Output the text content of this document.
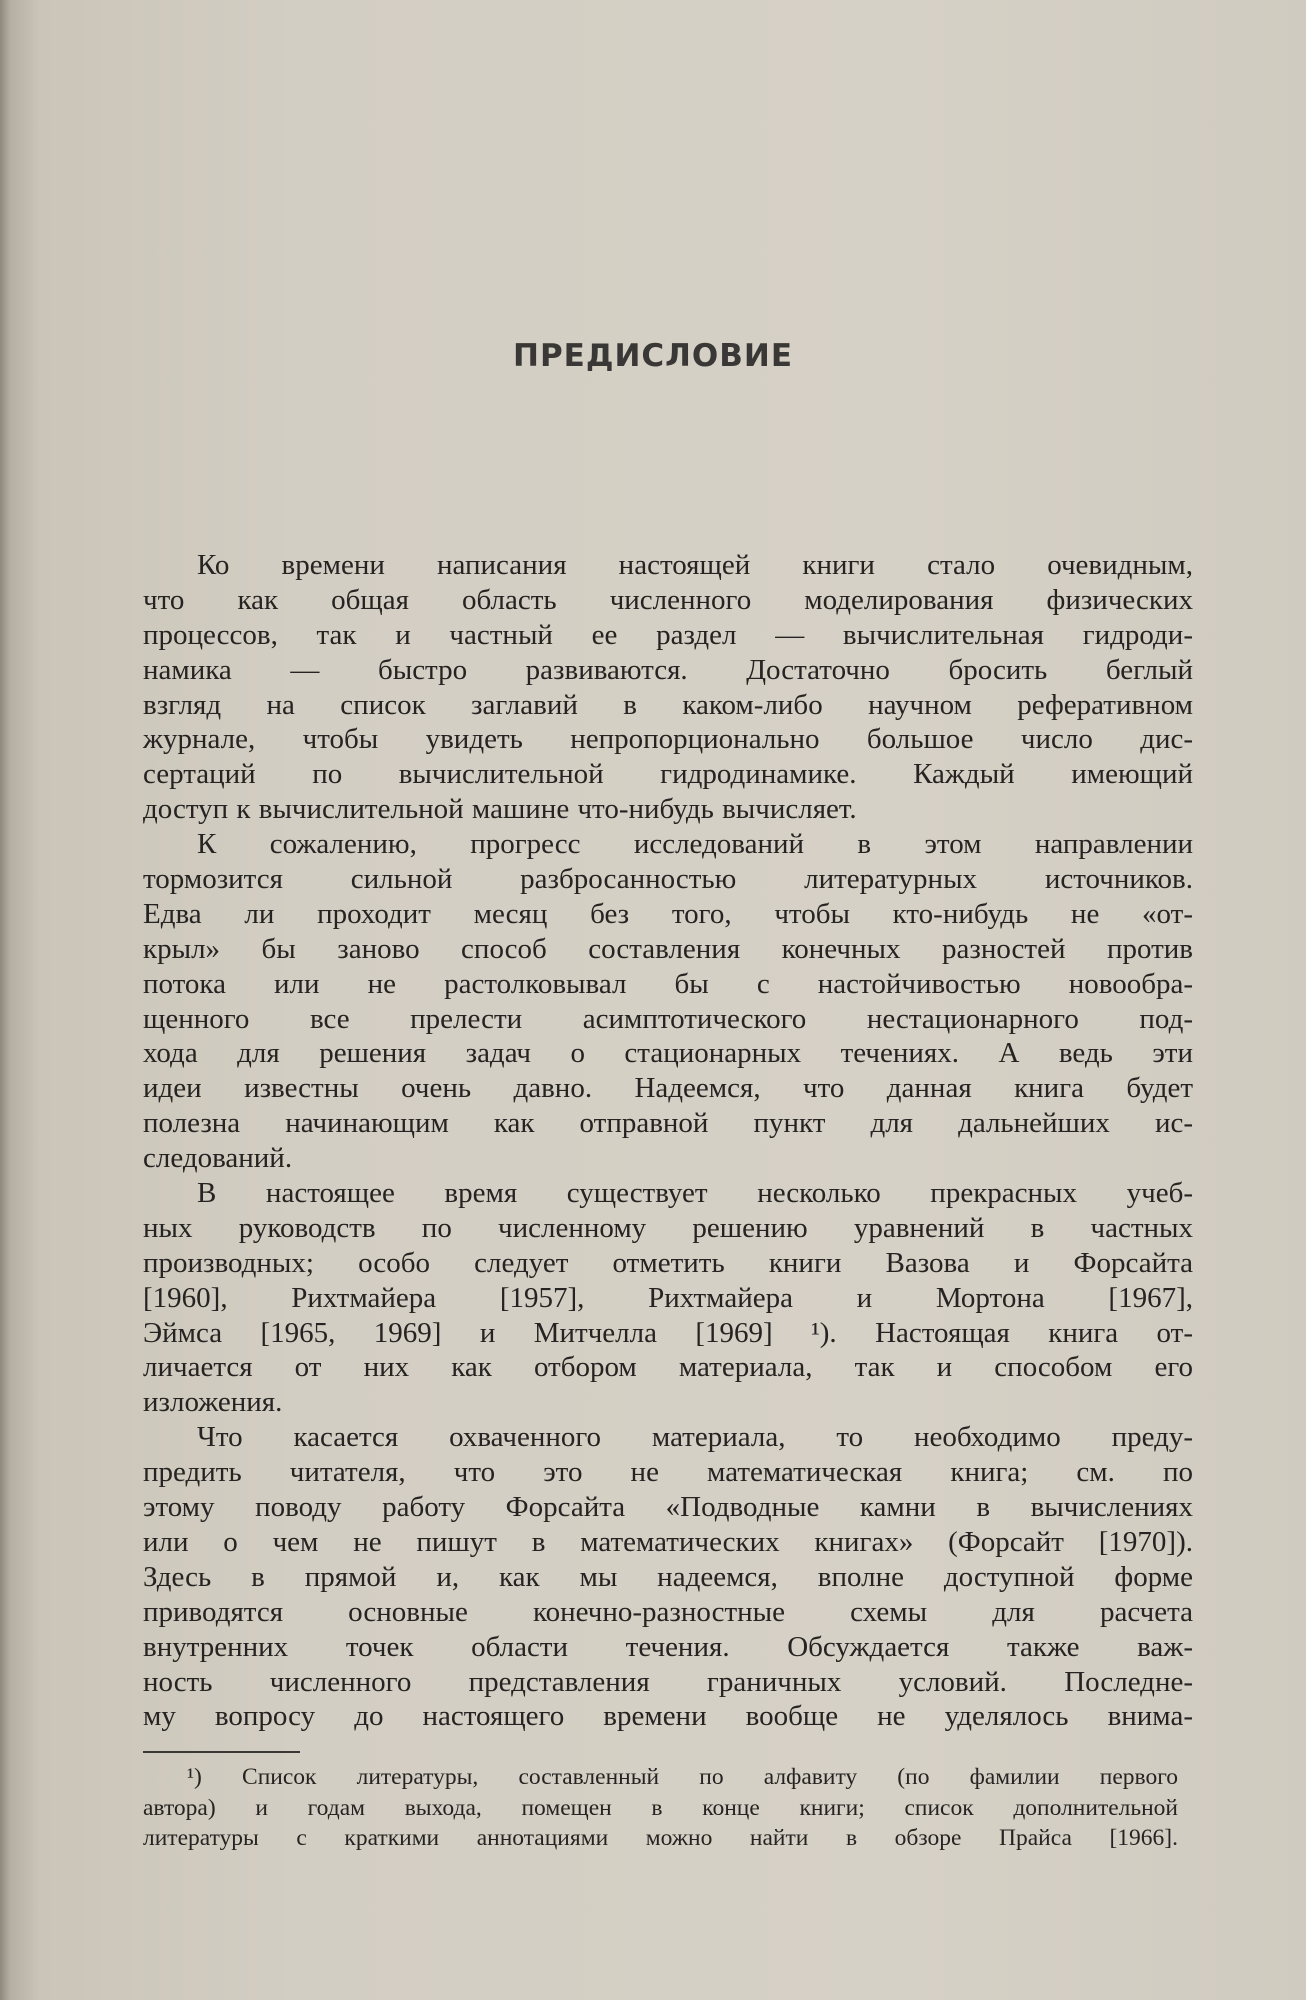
ПРЕДИСЛОВИЕ
Ко времени написания настоящей книги стало очевидным,
что как общая область численного моделирования физических
процессов, так и частный ее раздел — вычислительная гидроди-
намика — быстро развиваются. Достаточно бросить беглый
взгляд на список заглавий в каком-либо научном реферативном
журнале, чтобы увидеть непропорционально большое число дис-
сертаций по вычислительной гидродинамике. Каждый имеющий
доступ к вычислительной машине что-нибудь вычисляет.
К сожалению, прогресс исследований в этом направлении
тормозится сильной разбросанностью литературных источников.
Едва ли проходит месяц без того, чтобы кто-нибудь не «от-
крыл» бы заново способ составления конечных разностей против
потока или не растолковывал бы с настойчивостью новообра-
щенного все прелести асимптотического нестационарного под-
хода для решения задач о стационарных течениях. А ведь эти
идеи известны очень давно. Надеемся, что данная книга будет
полезна начинающим как отправной пункт для дальнейших ис-
следований.
В настоящее время существует несколько прекрасных учеб-
ных руководств по численному решению уравнений в частных
производных; особо следует отметить книги Вазова и Форсайта
[1960], Рихтмайера [1957], Рихтмайера и Мортона [1967],
Эймса [1965, 1969] и Митчелла [1969] ¹). Настоящая книга от-
личается от них как отбором материала, так и способом его
изложения.
Что касается охваченного материала, то необходимо преду-
предить читателя, что это не математическая книга; см. по
этому поводу работу Форсайта «Подводные камни в вычислениях
или о чем не пишут в математических книгах» (Форсайт [1970]).
Здесь в прямой и, как мы надеемся, вполне доступной форме
приводятся основные конечно-разностные схемы для расчета
внутренних точек области течения. Обсуждается также важ-
ность численного представления граничных условий. Последне-
му вопросу до настоящего времени вообще не уделялось внима-
¹) Список литературы, составленный по алфавиту (по фамилии первого
автора) и годам выхода, помещен в конце книги; список дополнительной
литературы с краткими аннотациями можно найти в обзоре Прайса [1966].
